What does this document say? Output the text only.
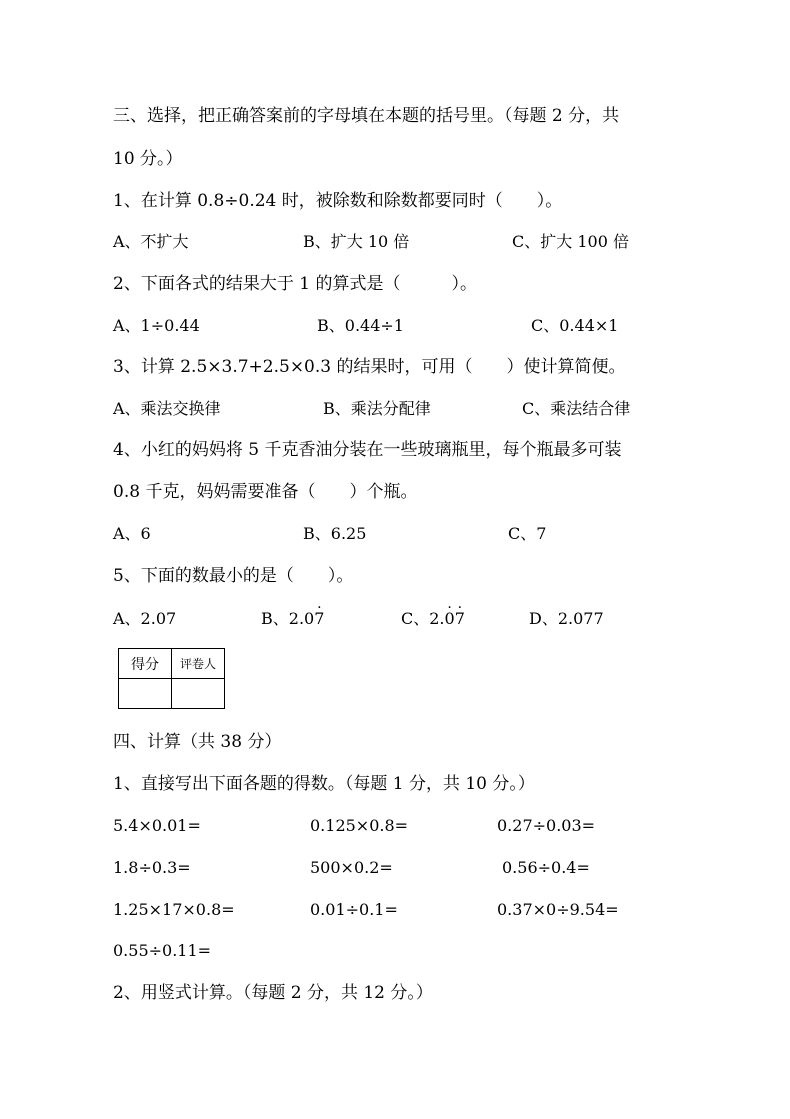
三、选择，把正确答案前的字母填在本题的括号里。（每题 2 分，共
10 分。）
1、在计算 0.8÷0.24 时，被除数和除数都要同时（　　）。
A、不扩大	B、扩大 10 倍	C、扩大 100 倍
2、下面各式的结果大于 1 的算式是（　　　）。
A、1÷0.44	B、0.44÷1	C、0.44×1
3、计算 2.5×3.7+2.5×0.3 的结果时，可用（　　）使计算简便。
A、乘法交换律	B、乘法分配律	C、乘法结合律
4、小红的妈妈将 5 千克香油分装在一些玻璃瓶里，每个瓶最多可装
0.8 千克，妈妈需要准备（　　）个瓶。
A、6	B、6.25	C、7
5、下面的数最小的是（　　）。
A、2.07	B、2.0· 7	C、2.· 0· 7	D、2.077
得分	评卷人

四、计算（共 38 分）
1、直接写出下面各题的得数。（每题 1 分，共 10 分。）
5.4×0.01=	0.125×0.8=	0.27÷0.03=
1.8÷0.3=	500×0.2=	0.56÷0.4=
1.25×17×0.8=	0.01÷0.1=	0.37×0÷9.54=
0.55÷0.11=
2、用竖式计算。（每题 2 分，共 12 分。）
